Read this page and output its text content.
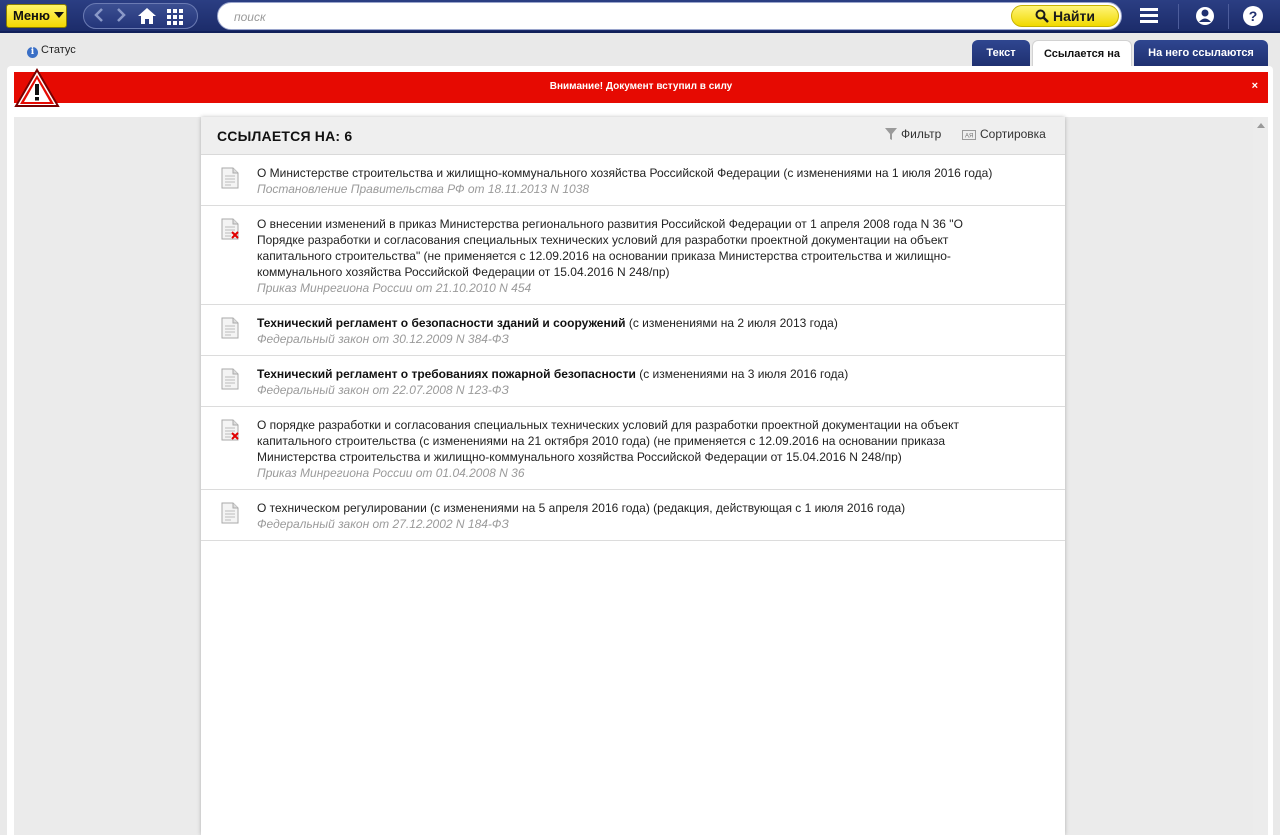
Меню
поиск	Найти	?
i Статус	Текст	Ссылается на	На него ссылаются
Внимание! Документ вступил в силу	×
ССЫЛАЕТСЯ НА: 6	Фильтр	АЯ Сортировка
О Министерстве строительства и жилищно-коммунального хозяйства Российской Федерации (с изменениями на 1 июля 2016 года)
Постановление Правительства РФ от 18.11.2013 N 1038
О внесении изменений в приказ Министерства регионального развития Российской Федерации от 1 апреля 2008 года N 36 "О
Порядке разработки и согласования специальных технических условий для разработки проектной документации на объект
капитального строительства" (не применяется с 12.09.2016 на основании приказа Министерства строительства и жилищно-
коммунального хозяйства Российской Федерации от 15.04.2016 N 248/пр)
Приказ Минрегиона России от 21.10.2010 N 454
Технический регламент о безопасности зданий и сооружений (с изменениями на 2 июля 2013 года)
Федеральный закон от 30.12.2009 N 384-ФЗ
Технический регламент о требованиях пожарной безопасности (с изменениями на 3 июля 2016 года)
Федеральный закон от 22.07.2008 N 123-ФЗ
О порядке разработки и согласования специальных технических условий для разработки проектной документации на объект
капитального строительства (с изменениями на 21 октября 2010 года) (не применяется с 12.09.2016 на основании приказа
Министерства строительства и жилищно-коммунального хозяйства Российской Федерации от 15.04.2016 N 248/пр)
Приказ Минрегиона России от 01.04.2008 N 36
О техническом регулировании (с изменениями на 5 апреля 2016 года) (редакция, действующая с 1 июля 2016 года)
Федеральный закон от 27.12.2002 N 184-ФЗ
